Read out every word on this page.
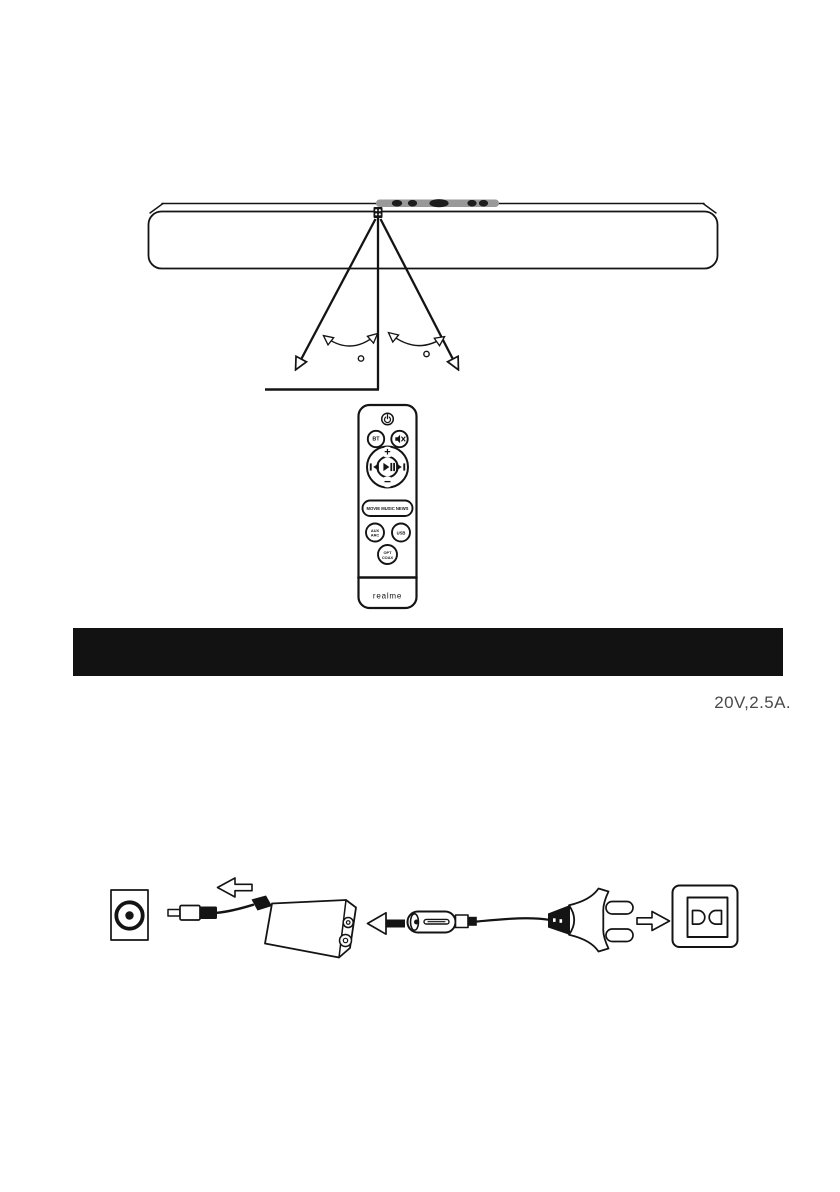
BT
+
−
MOVIE MUSIC NEWS
AUX
ARC	USB
OPT
COAX
realme
20V,2.5A.
